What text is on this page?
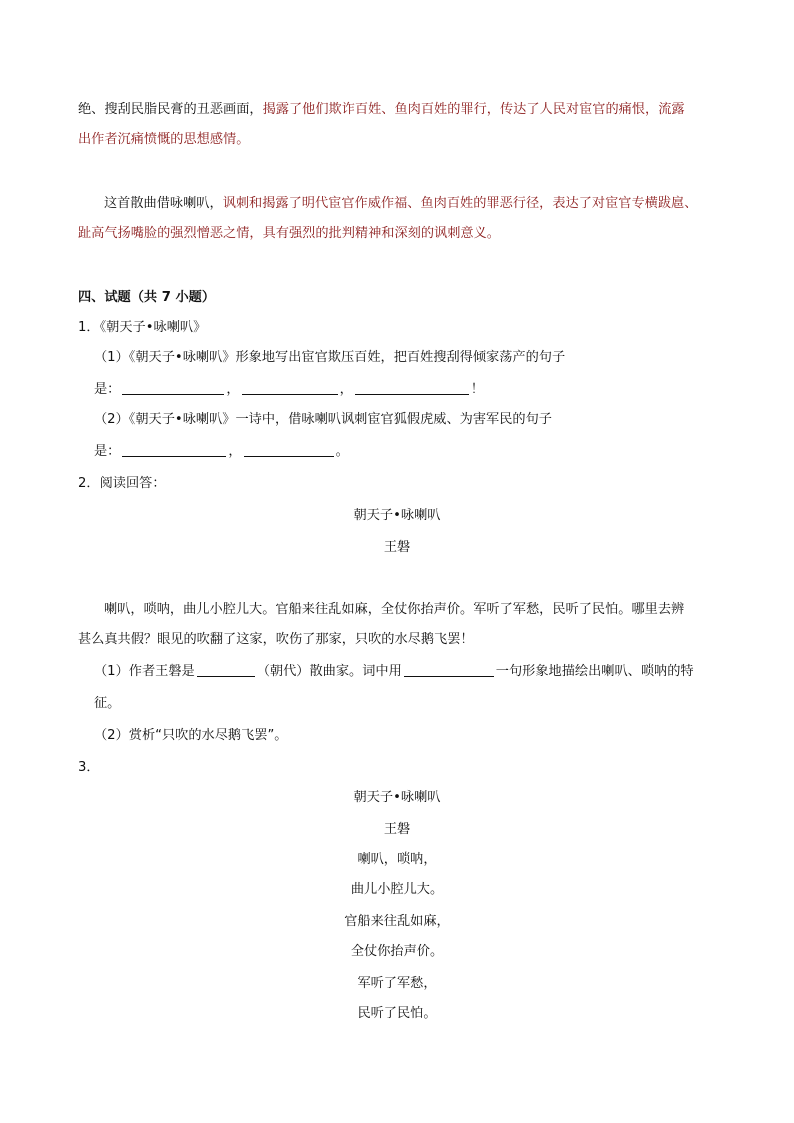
绝、搜刮民脂民膏的丑恶画面，揭露了他们欺诈百姓、鱼肉百姓的罪行，传达了人民对宦官的痛恨，流露
出作者沉痛愤慨的思想感情。
这首散曲借咏喇叭，讽刺和揭露了明代宦官作威作福、鱼肉百姓的罪恶行径，表达了对宦官专横跋扈、
趾高气扬嘴脸的强烈憎恶之情，具有强烈的批判精神和深刻的讽刺意义。
四、试题（共 7 小题）
1．《朝天子•咏喇叭》
（1）《朝天子•咏喇叭》形象地写出宦官欺压百姓，把百姓搜刮得倾家荡产的句子
是：	，	，	！
（2）《朝天子•咏喇叭》一诗中，借咏喇叭讽刺宦官狐假虎威、为害军民的句子
是：	，	。
2．阅读回答：
朝天子•咏喇叭
王磐
喇叭，唢呐，曲儿小腔儿大。官船来往乱如麻，全仗你抬声价。军听了军愁，民听了民怕。哪里去辨
甚么真共假？眼见的吹翻了这家，吹伤了那家，只吹的水尽鹅飞罢！
（1）作者王磐是	（朝代）散曲家。词中用	一句形象地描绘出喇叭、唢呐的特
征。
（2）赏析“只吹的水尽鹅飞罢”。
3．
朝天子•咏喇叭
王磐
喇叭，唢呐，
曲儿小腔儿大。
官船来往乱如麻，
全仗你抬声价。
军听了军愁，
民听了民怕。
